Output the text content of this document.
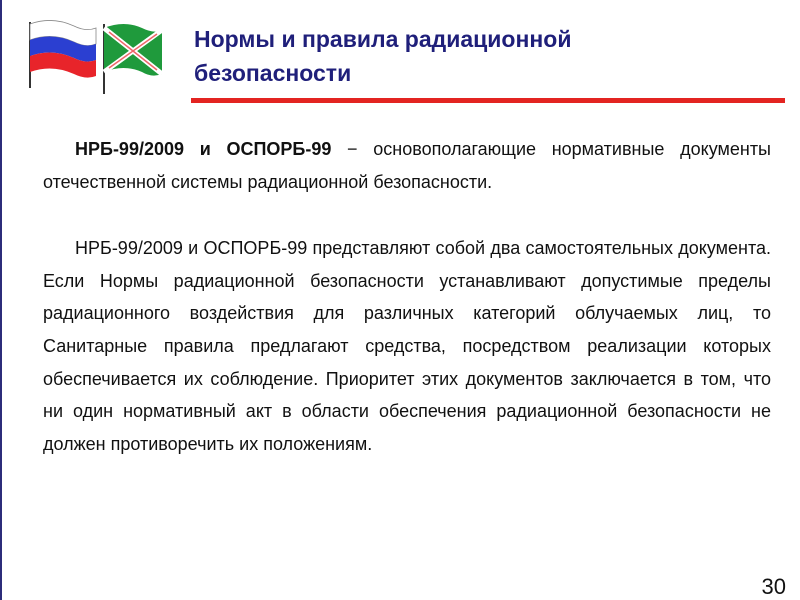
Нормы и правила радиационной
безопасности

НРБ-99/2009 и ОСПОРБ-99 − основополагающие нормативные документы отечественной системы радиационной безопасности.

НРБ-99/2009 и ОСПОРБ-99 представляют собой два самостоятельных документа. Если Нормы радиационной безопасности устанавливают допустимые пределы радиационного воздействия для различных категорий облучаемых лиц, то Санитарные правила предлагают средства, посредством реализации которых обеспечивается их соблюдение. Приоритет этих документов заключается в том, что ни один нормативный акт в области обеспечения радиационной безопасности не должен противоречить их положениям.

30
